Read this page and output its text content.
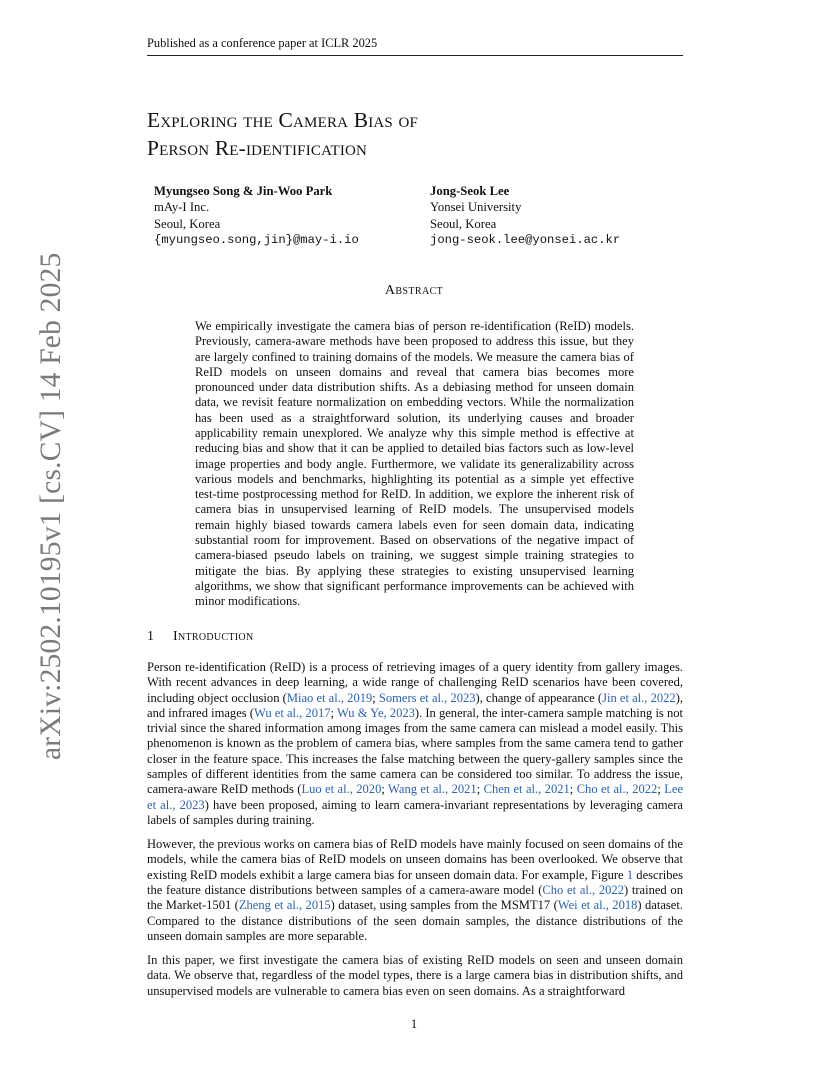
Published as a conference paper at ICLR 2025
arXiv:2502.10195v1 [cs.CV] 14 Feb 2025
Exploring the Camera Bias of
Person Re-identification
Myungseo Song & Jin-Woo Park
mAy-I Inc.
Seoul, Korea
{myungseo.song,jin}@may-i.io
Jong-Seok Lee
Yonsei University
Seoul, Korea
jong-seok.lee@yonsei.ac.kr
Abstract
We empirically investigate the camera bias of person re-identification (ReID) models. Previously, camera-aware methods have been proposed to address this issue, but they are largely confined to training domains of the models. We measure the camera bias of ReID models on unseen domains and reveal that camera bias becomes more pronounced under data distribution shifts. As a debiasing method for unseen domain data, we revisit feature normalization on embedding vectors. While the normalization has been used as a straightforward solution, its underlying causes and broader applicability remain unexplored. We analyze why this simple method is effective at reducing bias and show that it can be applied to detailed bias factors such as low-level image properties and body angle. Furthermore, we validate its generalizability across various models and benchmarks, highlighting its potential as a simple yet effective test-time postprocessing method for ReID. In addition, we explore the inherent risk of camera bias in unsupervised learning of ReID models. The unsupervised models remain highly biased towards camera labels even for seen domain data, indicating substantial room for improvement. Based on observations of the negative impact of camera-biased pseudo labels on training, we suggest simple training strategies to mitigate the bias. By applying these strategies to existing unsupervised learning algorithms, we show that significant performance improvements can be achieved with minor modifications.
1 Introduction

Person re-identification (ReID) is a process of retrieving images of a query identity from gallery images. With recent advances in deep learning, a wide range of challenging ReID scenarios have been covered, including object occlusion (Miao et al., 2019; Somers et al., 2023), change of appearance (Jin et al., 2022), and infrared images (Wu et al., 2017; Wu & Ye, 2023). In general, the inter-camera sample matching is not trivial since the shared information among images from the same camera can mislead a model easily. This phenomenon is known as the problem of camera bias, where samples from the same camera tend to gather closer in the feature space. This increases the false matching between the query-gallery samples since the samples of different identities from the same camera can be considered too similar. To address the issue, camera-aware ReID methods (Luo et al., 2020; Wang et al., 2021; Chen et al., 2021; Cho et al., 2022; Lee et al., 2023) have been proposed, aiming to learn camera-invariant representations by leveraging camera labels of samples during training.

However, the previous works on camera bias of ReID models have mainly focused on seen domains of the models, while the camera bias of ReID models on unseen domains has been overlooked. We observe that existing ReID models exhibit a large camera bias for unseen domain data. For example, Figure 1 describes the feature distance distributions between samples of a camera-aware model (Cho et al., 2022) trained on the Market-1501 (Zheng et al., 2015) dataset, using samples from the MSMT17 (Wei et al., 2018) dataset. Compared to the distance distributions of the seen domain samples, the distance distributions of the unseen domain samples are more separable.

In this paper, we first investigate the camera bias of existing ReID models on seen and unseen domain data. We observe that, regardless of the model types, there is a large camera bias in distribution shifts, and unsupervised models are vulnerable to camera bias even on seen domains. As a straightforward

1
